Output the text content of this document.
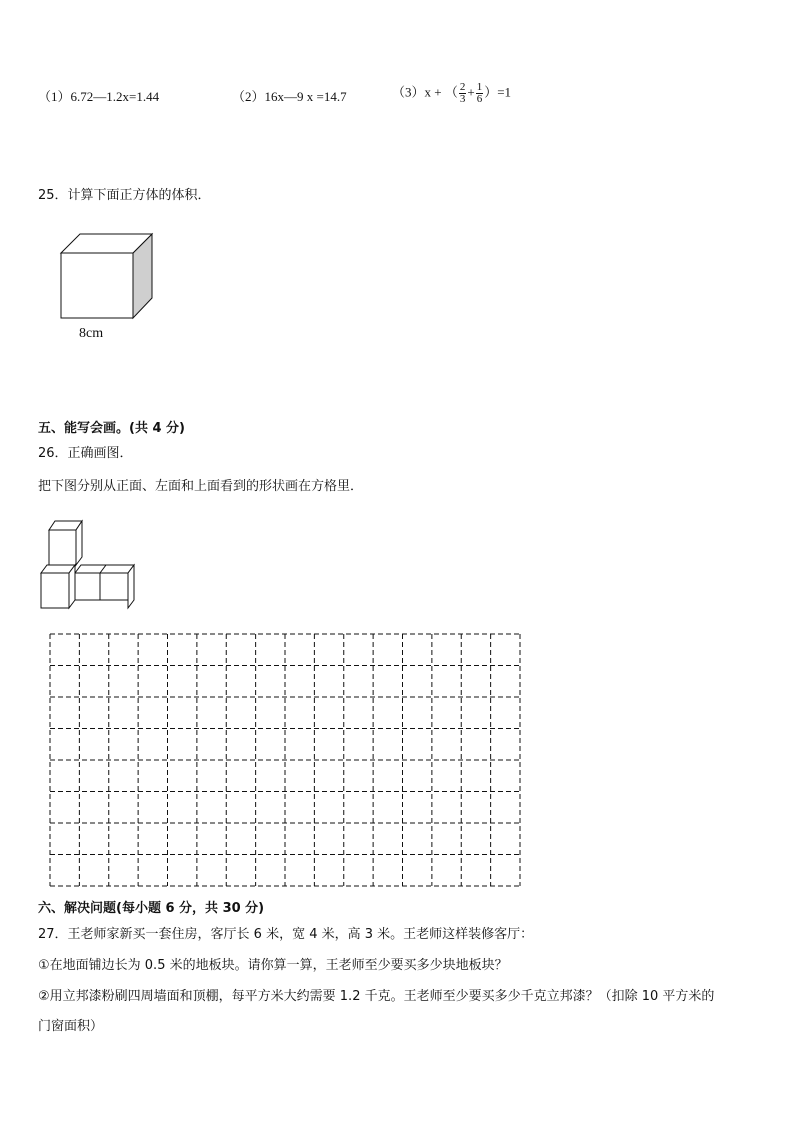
（1）6.72—1.2x=1.44	（2）16x—9 x =14.7	（3）x + （ $\frac{2}{3} + \frac{1}{6} )=1$
25．计算下面正方体的体积．
8cm
五、能写会画。(共 4 分)
26．正确画图．
把下图分别从正面、左面和上面看到的形状画在方格里．
六、解决问题(每小题 6 分，共 30 分)
27．王老师家新买一套住房，客厅长 6 米，宽 4 米，高 3 米。王老师这样装修客厅：
①在地面铺边长为 0.5 米的地板块。请你算一算，王老师至少要买多少块地板块？
②用立邦漆粉刷四周墙面和顶棚，每平方米大约需要 1.2 千克。王老师至少要买多少千克立邦漆？（扣除 10 平方米的
门窗面积）
